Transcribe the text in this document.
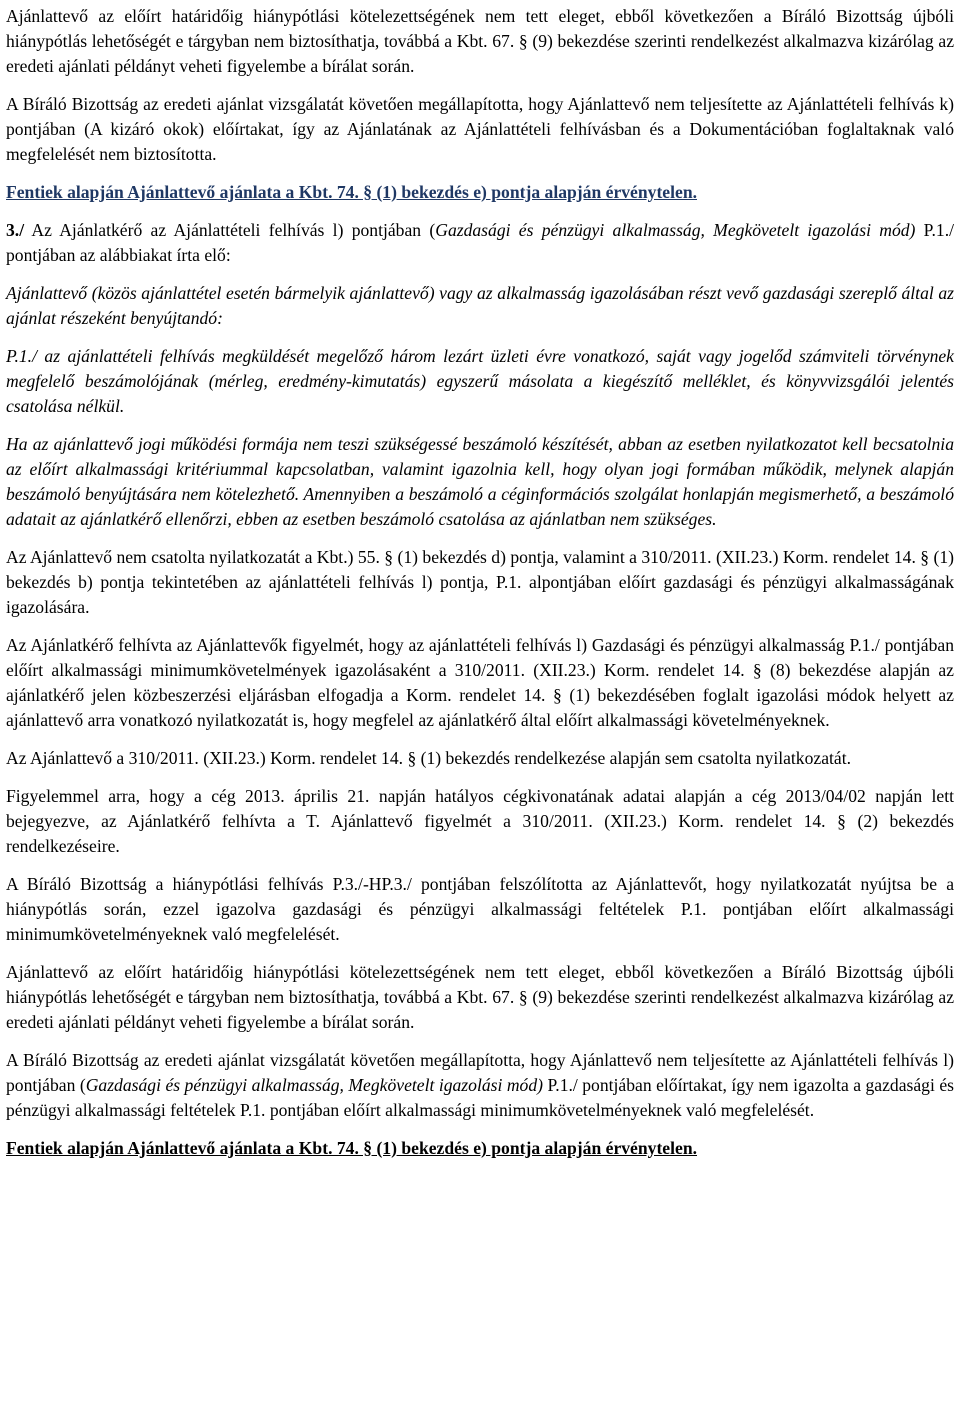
Ajánlattevő az előírt határidőig hiánypótlási kötelezettségének nem tett eleget, ebből következően a Bíráló Bizottság újbóli hiánypótlás lehetőségét e tárgyban nem biztosíthatja, továbbá a Kbt. 67. § (9) bekezdése szerinti rendelkezést alkalmazva kizárólag az eredeti ajánlati példányt veheti figyelembe a bírálat során.

A Bíráló Bizottság az eredeti ajánlat vizsgálatát követően megállapította, hogy Ajánlattevő nem teljesítette az Ajánlattételi felhívás k) pontjában (A kizáró okok) előírtakat, így az Ajánlatának az Ajánlattételi felhívásban és a Dokumentációban foglaltaknak való megfelelését nem biztosította.

Fentiek alapján Ajánlattevő ajánlata a Kbt. 74. § (1) bekezdés e) pontja alapján érvénytelen.

3./ Az Ajánlatkérő az Ajánlattételi felhívás l) pontjában (Gazdasági és pénzügyi alkalmasság, Megkövetelt igazolási mód) P.1./ pontjában az alábbiakat írta elő:

Ajánlattevő (közös ajánlattétel esetén bármelyik ajánlattevő) vagy az alkalmasság igazolásában részt vevő gazdasági szereplő által az ajánlat részeként benyújtandó:

P.1./ az ajánlattételi felhívás megküldését megelőző három lezárt üzleti évre vonatkozó, saját vagy jogelőd számviteli törvénynek megfelelő beszámolójának (mérleg, eredmény-kimutatás) egyszerű másolata a kiegészítő melléklet, és könyvvizsgálói jelentés csatolása nélkül.

Ha az ajánlattevő jogi működési formája nem teszi szükségessé beszámoló készítését, abban az esetben nyilatkozatot kell becsatolnia az előírt alkalmassági kritériummal kapcsolatban, valamint igazolnia kell, hogy olyan jogi formában működik, melynek alapján beszámoló benyújtására nem kötelezhető. Amennyiben a beszámoló a céginformációs szolgálat honlapján megismerhető, a beszámoló adatait az ajánlatkérő ellenőrzi, ebben az esetben beszámoló csatolása az ajánlatban nem szükséges.

Az Ajánlattevő nem csatolta nyilatkozatát a Kbt.) 55. § (1) bekezdés d) pontja, valamint a 310/2011. (XII.23.) Korm. rendelet 14. § (1) bekezdés b) pontja tekintetében az ajánlattételi felhívás l) pontja, P.1. alpontjában előírt gazdasági és pénzügyi alkalmasságának igazolására.

Az Ajánlatkérő felhívta az Ajánlattevők figyelmét, hogy az ajánlattételi felhívás l) Gazdasági és pénzügyi alkalmasság P.1./ pontjában előírt alkalmassági minimumkövetelmények igazolásaként a 310/2011. (XII.23.) Korm. rendelet 14. § (8) bekezdése alapján az ajánlatkérő jelen közbeszerzési eljárásban elfogadja a Korm. rendelet 14. § (1) bekezdésében foglalt igazolási módok helyett az ajánlattevő arra vonatkozó nyilatkozatát is, hogy megfelel az ajánlatkérő által előírt alkalmassági követelményeknek.

Az Ajánlattevő a 310/2011. (XII.23.) Korm. rendelet 14. § (1) bekezdés rendelkezése alapján sem csatolta nyilatkozatát.

Figyelemmel arra, hogy a cég 2013. április 21. napján hatályos cégkivonatának adatai alapján a cég 2013/04/02 napján lett bejegyezve, az Ajánlatkérő felhívta a T. Ajánlattevő figyelmét a 310/2011. (XII.23.) Korm. rendelet 14. § (2) bekezdés rendelkezéseire.

A Bíráló Bizottság a hiánypótlási felhívás P.3./-HP.3./ pontjában felszólította az Ajánlattevőt, hogy nyilatkozatát nyújtsa be a hiánypótlás során, ezzel igazolva gazdasági és pénzügyi alkalmassági feltételek P.1. pontjában előírt alkalmassági minimumkövetelményeknek való megfelelését.

Ajánlattevő az előírt határidőig hiánypótlási kötelezettségének nem tett eleget, ebből következően a Bíráló Bizottság újbóli hiánypótlás lehetőségét e tárgyban nem biztosíthatja, továbbá a Kbt. 67. § (9) bekezdése szerinti rendelkezést alkalmazva kizárólag az eredeti ajánlati példányt veheti figyelembe a bírálat során.

A Bíráló Bizottság az eredeti ajánlat vizsgálatát követően megállapította, hogy Ajánlattevő nem teljesítette az Ajánlattételi felhívás l) pontjában (Gazdasági és pénzügyi alkalmasság, Megkövetelt igazolási mód) P.1./ pontjában előírtakat, így nem igazolta a gazdasági és pénzügyi alkalmassági feltételek P.1. pontjában előírt alkalmassági minimumkövetelményeknek való megfelelését.

Fentiek alapján Ajánlattevő ajánlata a Kbt. 74. § (1) bekezdés e) pontja alapján érvénytelen.
